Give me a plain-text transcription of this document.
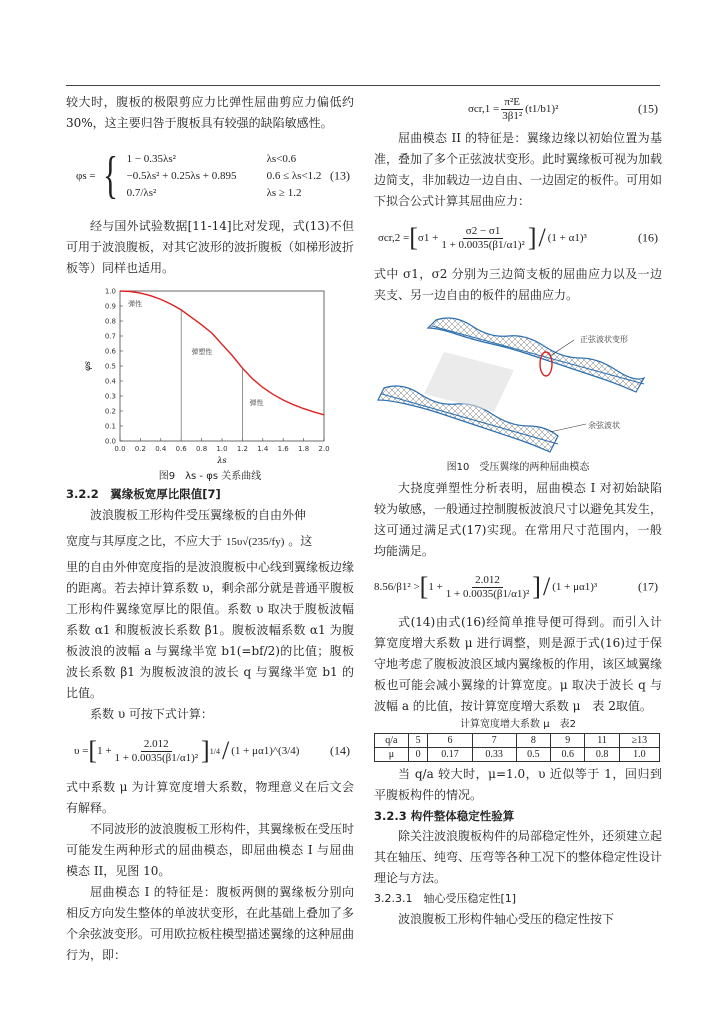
较大时，腹板的极限剪应力比弹性屈曲剪应力偏低约30%，这主要归咎于腹板具有较强的缺陷敏感性。

φs = { 1 − 0.35λs²	λs<0.6
−0.5λs² + 0.25λs + 0.895	0.6 ≤ λs<1.2
0.7/λs²	λs ≥ 1.2
(13)

经与国外试验数据[11-14]比对发现，式(13)不但可用于波浪腹板，对其它波形的波折腹板（如梯形波折板等）同样也适用。

0.0 0.2 0.4 0.6 0.8 1.0 1.2 1.4 1.6 1.8 2.0
0.0
0.1
0.2
0.3
0.4
0.5
0.6
0.7
0.8
0.9
1.0
λs
φs
弹性
弹塑性
弹性
图9　λs - φs 关系曲线
3.2.2　翼缘板宽厚比限值[7]

波浪腹板工形构件受压翼缘板的自由外伸

宽度与其厚度之比，不应大于 15υ√(235/fy) 。这

里的自由外伸宽度指的是波浪腹板中心线到翼缘板边缘的距离。若去掉计算系数 υ，剩余部分就是普通平腹板工形构件翼缘宽厚比的限值。系数 υ 取决于腹板波幅系数 α1 和腹板波长系数 β1。腹板波幅系数 α1 为腹板波浪的波幅 a 与翼缘半宽 b1(=bf/2)的比值；腹板波长系数 β1 为腹板波浪的波长 q 与翼缘半宽 b1 的比值。

系数 υ 可按下式计算：

υ = [ $1 + \frac{2.012}{\text{1 + 0.0035(β1/α1)²}}$ ] 1/4 / (1 + μα1)^(3/4)	(14)

式中系数 μ 为计算宽度增大系数，物理意义在后文会有解释。

不同波形的波浪腹板工形构件，其翼缘板在受压时可能发生两种形式的屈曲模态，即屈曲模态 I 与屈曲模态 II，见图 10。

屈曲模态 I 的特征是：腹板两侧的翼缘板分别向相反方向发生整体的单波状变形，在此基础上叠加了多个余弦波变形。可用欧拉板柱模型描述翼缘的这种屈曲行为，即：

$\sigma cr,1 = \frac{\text{π²E}}{\text{3β1²}} (t1/b1)^2$	(15)

屈曲模态 II 的特征是：翼缘边缘以初始位置为基准，叠加了多个正弦波状变形。此时翼缘板可视为加载边简支，非加载边一边自由、一边固定的板件。可用如下拟合公式计算其屈曲应力：

σcr,2 = [ $\sigma 1 + \frac{\sigma 2 - \sigma 1}{\text{1 + 0.0035(β1/α1)²}}$ ] / (1 + α1)³	(16)

式中 σ1，σ2 分别为三边简支板的屈曲应力以及一边夹支、另一边自由的板件的屈曲应力。

正弦波状变形
余弦波状
图10　受压翼缘的两种屈曲模态

大挠度弹塑性分析表明，屈曲模态 I 对初始缺陷较为敏感，一般通过控制腹板波浪尺寸以避免其发生，这可通过满足式(17)实现。在常用尺寸范围内，一般均能满足。

8.56/β1² > [ $1 + \frac{2.012}{\text{1 + 0.0035(β1/α1)²}}$ ] / (1 + μα1)³	(17)

式(14)由式(16)经简单推导便可得到。而引入计算宽度增大系数 μ 进行调整，则是源于式(16)过于保守地考虑了腹板波浪区域内翼缘板的作用，该区域翼缘板也可能会减小翼缘的计算宽度。μ 取决于波长 q 与波幅 a 的比值，按计算宽度增大系数 μ　表 2取值。

计算宽度增大系数 μ　表2
q/a	5	6	7	8	9	11	≥13
μ	0	0.17	0.33	0.5	0.6	0.8	1.0

当 q/a 较大时，μ=1.0，υ 近似等于 1，回归到平腹板构件的情况。

3.2.3 构件整体稳定性验算

除关注波浪腹板构件的局部稳定性外，还须建立起其在轴压、纯弯、压弯等各种工况下的整体稳定性设计理论与方法。

3.2.3.1　轴心受压稳定性[1]

波浪腹板工形构件轴心受压的稳定性按下
